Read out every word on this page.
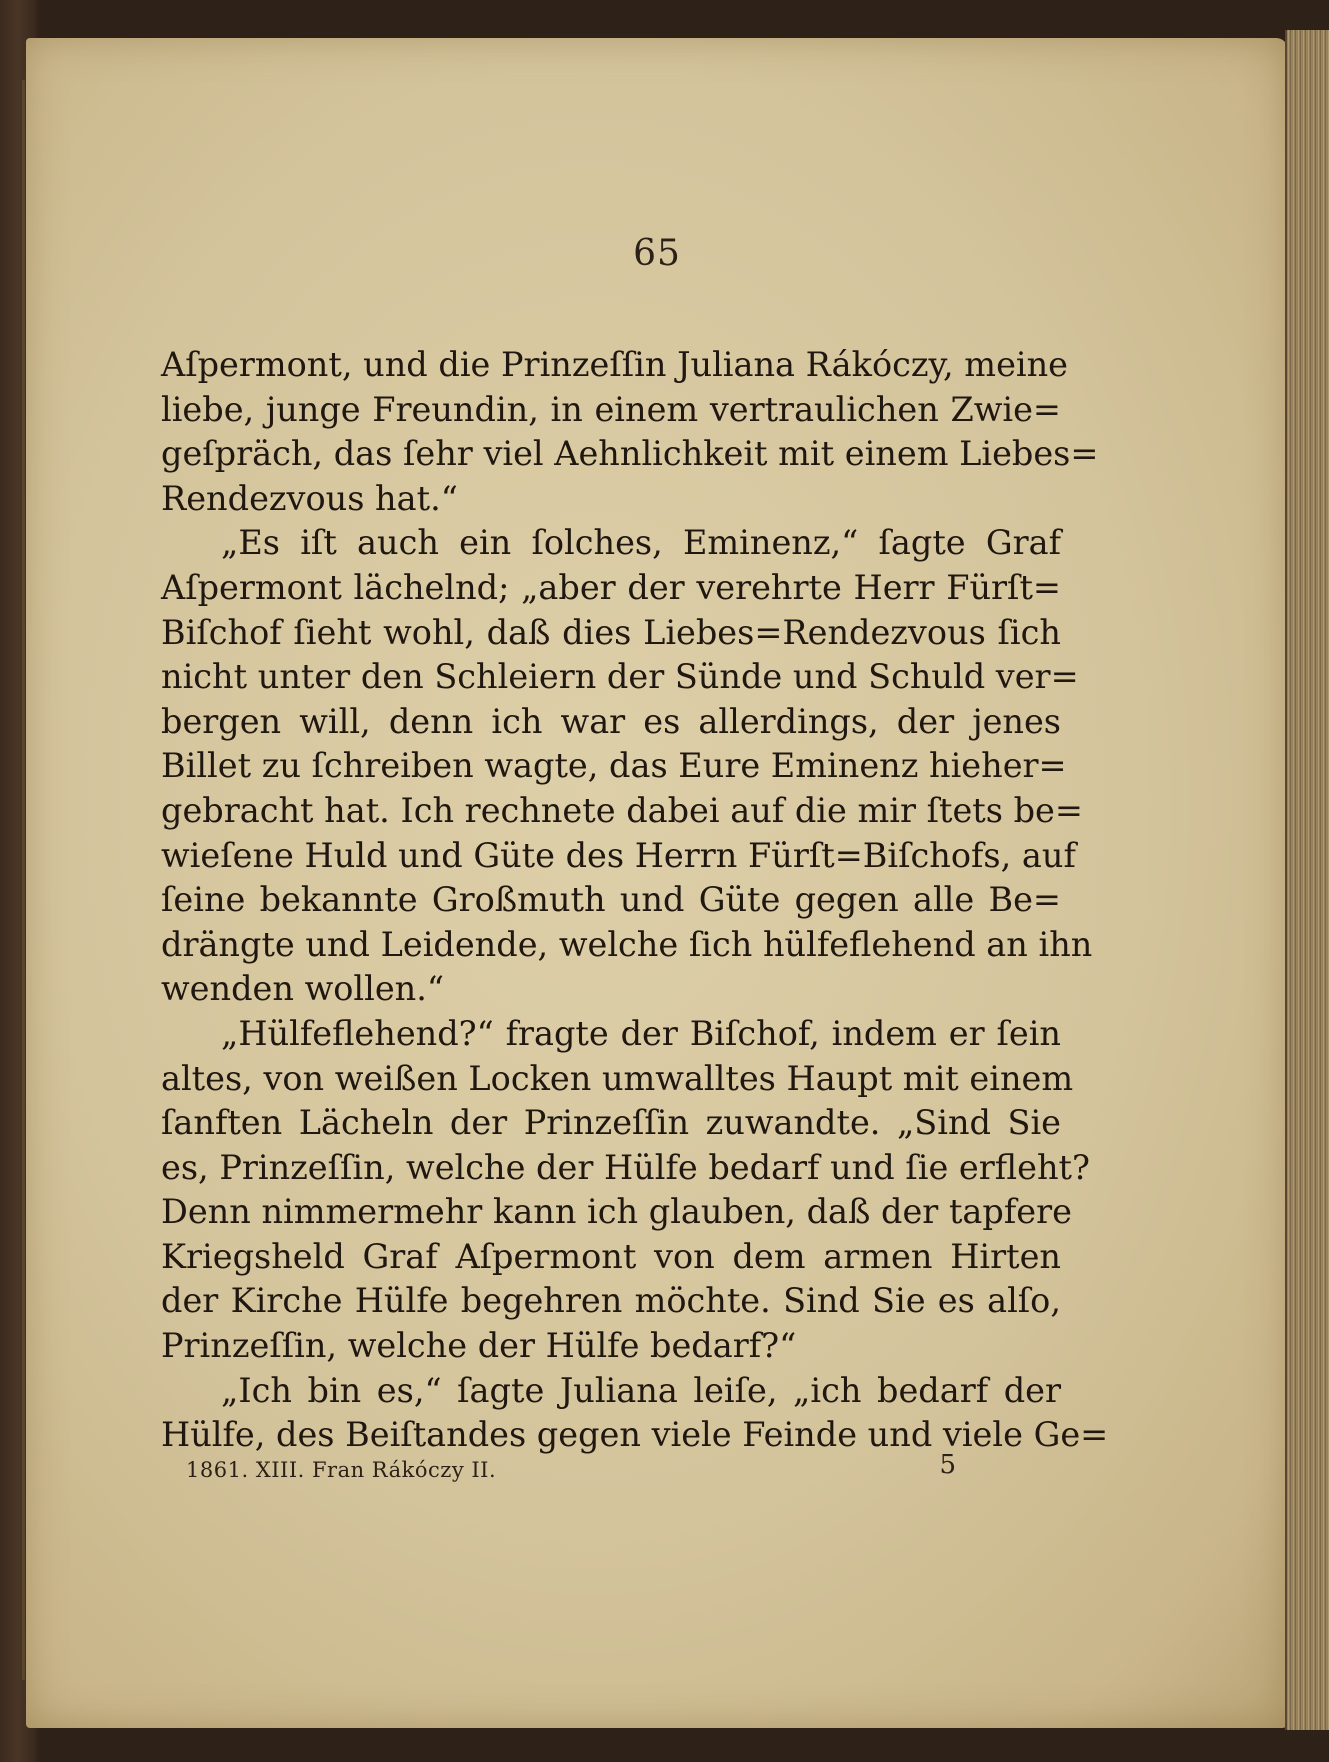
65
Aſpermont, und die Prinzeſſin Juliana Rákóczy, meine
liebe, junge Freundin, in einem vertraulichen Zwie=
geſpräch, das ſehr viel Aehnlichkeit mit einem Liebes=
Rendezvous hat.“
„Es iſt auch ein ſolches, Eminenz,“ ſagte Graf
Aſpermont lächelnd; „aber der verehrte Herr Fürſt=
Biſchof ſieht wohl, daß dies Liebes=Rendezvous ſich
nicht unter den Schleiern der Sünde und Schuld ver=
bergen will, denn ich war es allerdings, der jenes
Billet zu ſchreiben wagte, das Eure Eminenz hieher=
gebracht hat. Ich rechnete dabei auf die mir ſtets be=
wieſene Huld und Güte des Herrn Fürſt=Biſchofs, auf
ſeine bekannte Großmuth und Güte gegen alle Be=
drängte und Leidende, welche ſich hülfeflehend an ihn
wenden wollen.“
„Hülfeflehend?“ fragte der Biſchof, indem er ſein
altes, von weißen Locken umwalltes Haupt mit einem
ſanften Lächeln der Prinzeſſin zuwandte. „Sind Sie
es, Prinzeſſin, welche der Hülfe bedarf und ſie erfleht?
Denn nimmermehr kann ich glauben, daß der tapfere
Kriegsheld Graf Aſpermont von dem armen Hirten
der Kirche Hülfe begehren möchte. Sind Sie es alſo,
Prinzeſſin, welche der Hülfe bedarf?“
„Ich bin es,“ ſagte Juliana leiſe, „ich bedarf der
Hülfe, des Beiſtandes gegen viele Feinde und viele Ge=
1861. XIII. Fran Rákóczy II.	5
